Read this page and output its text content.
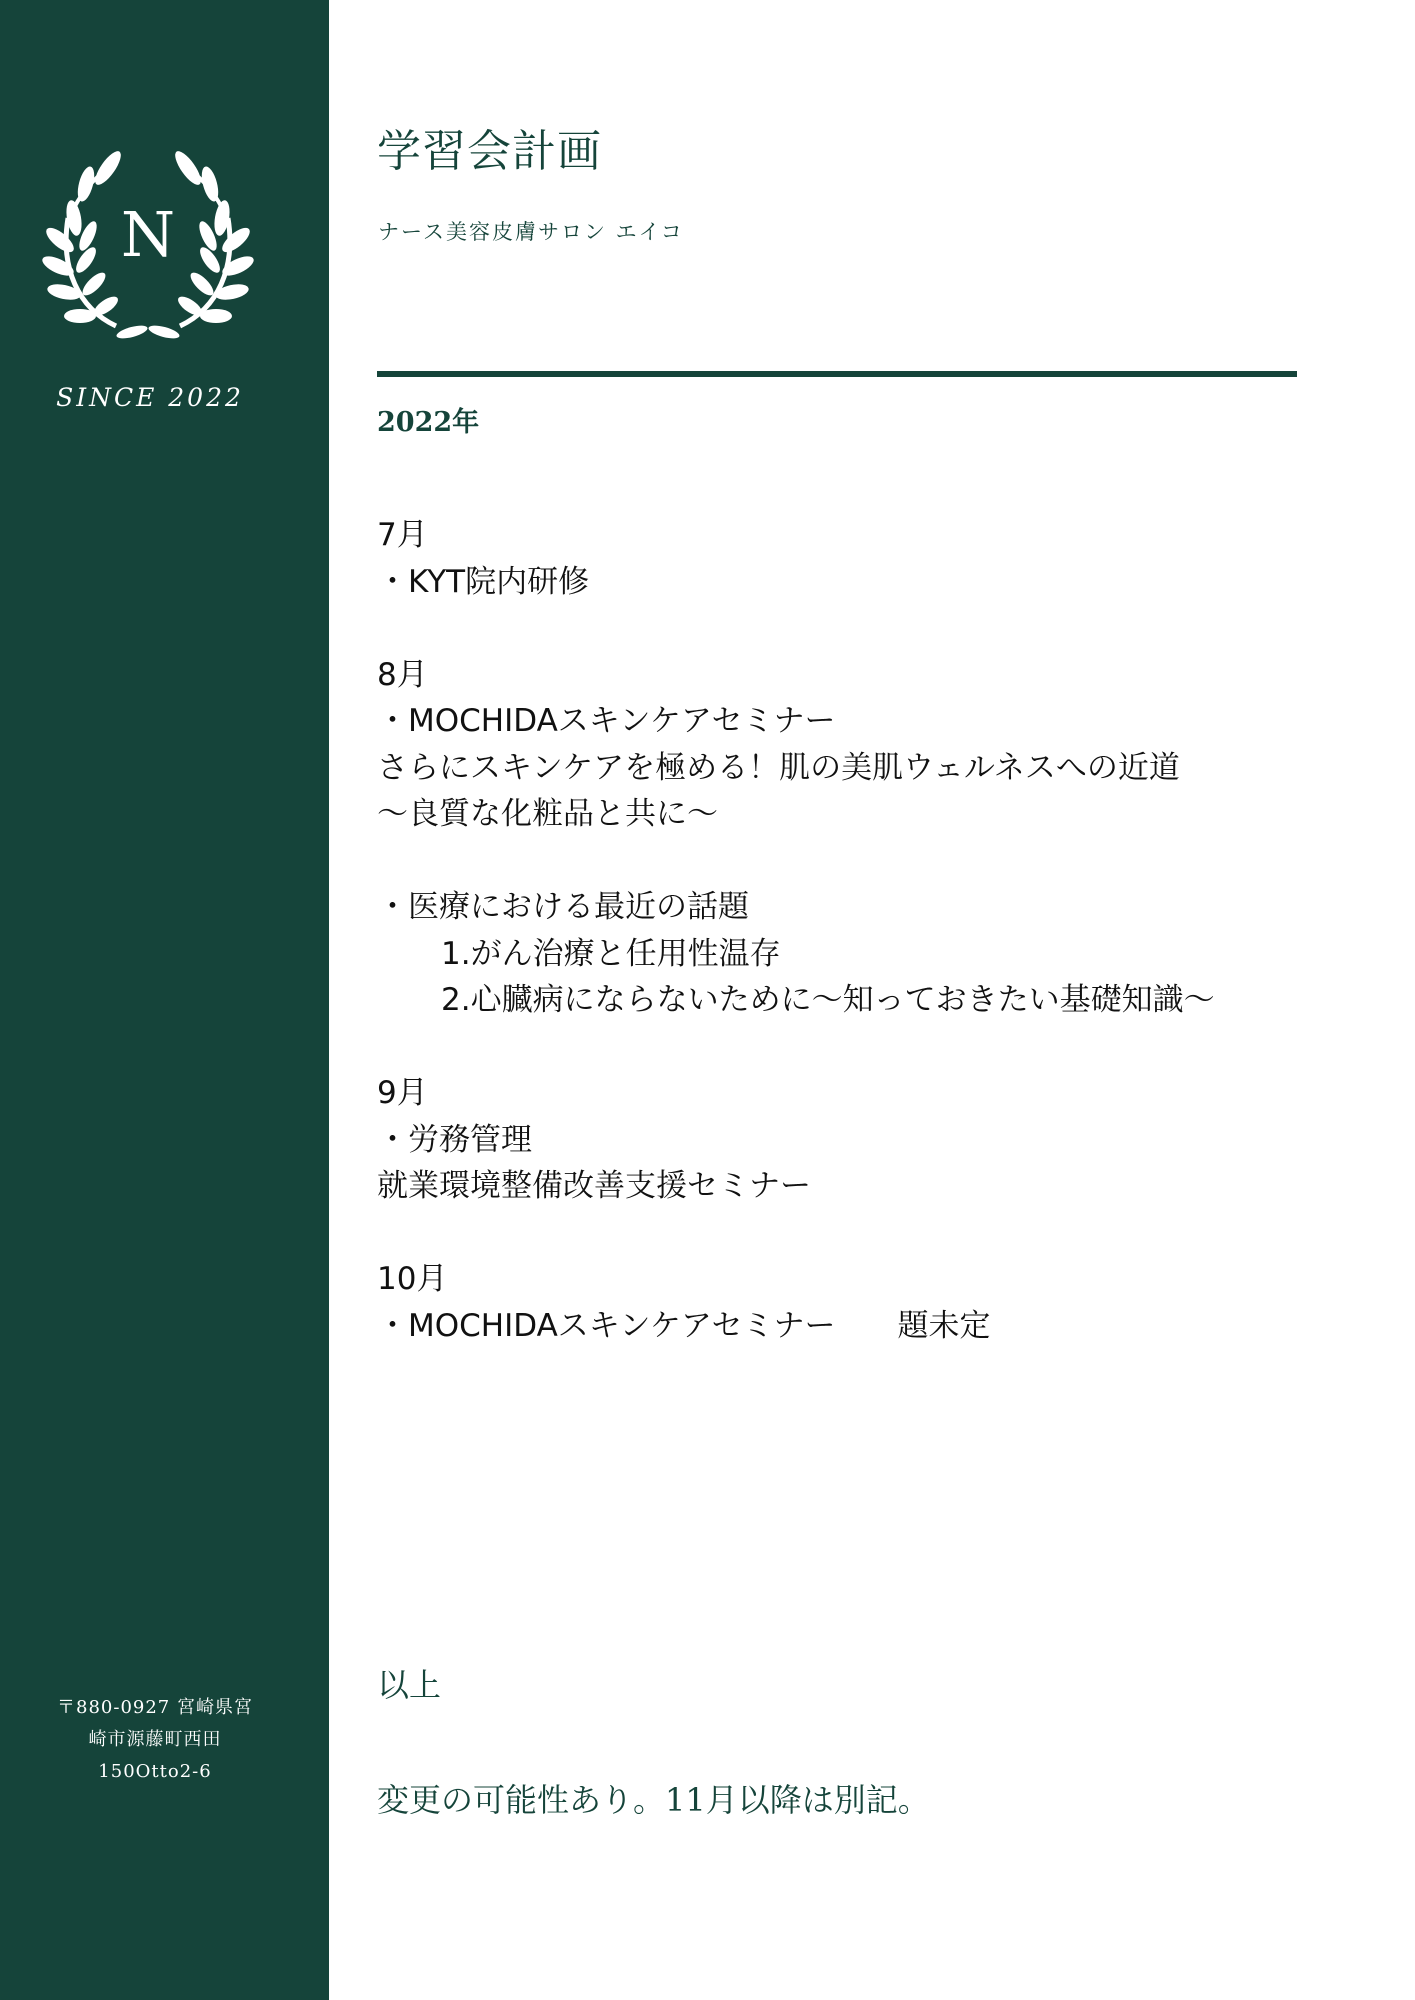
N
SINCE 2022
〒880-0927 宮崎県宮
崎市源藤町西田
150Otto2-6
学習会計画
ナース美容皮膚サロン エイコ
2022年
7月
・KYT院内研修
8月
・MOCHIDAスキンケアセミナー
さらにスキンケアを極める！肌の美肌ウェルネスへの近道
〜良質な化粧品と共に〜
・医療における最近の話題
1.がん治療と任用性温存
2.心臓病にならないために〜知っておきたい基礎知識〜
9月
・労務管理
就業環境整備改善支援セミナー
10月
・MOCHIDAスキンケアセミナー 題未定
以上
変更の可能性あり。11月以降は別記。
